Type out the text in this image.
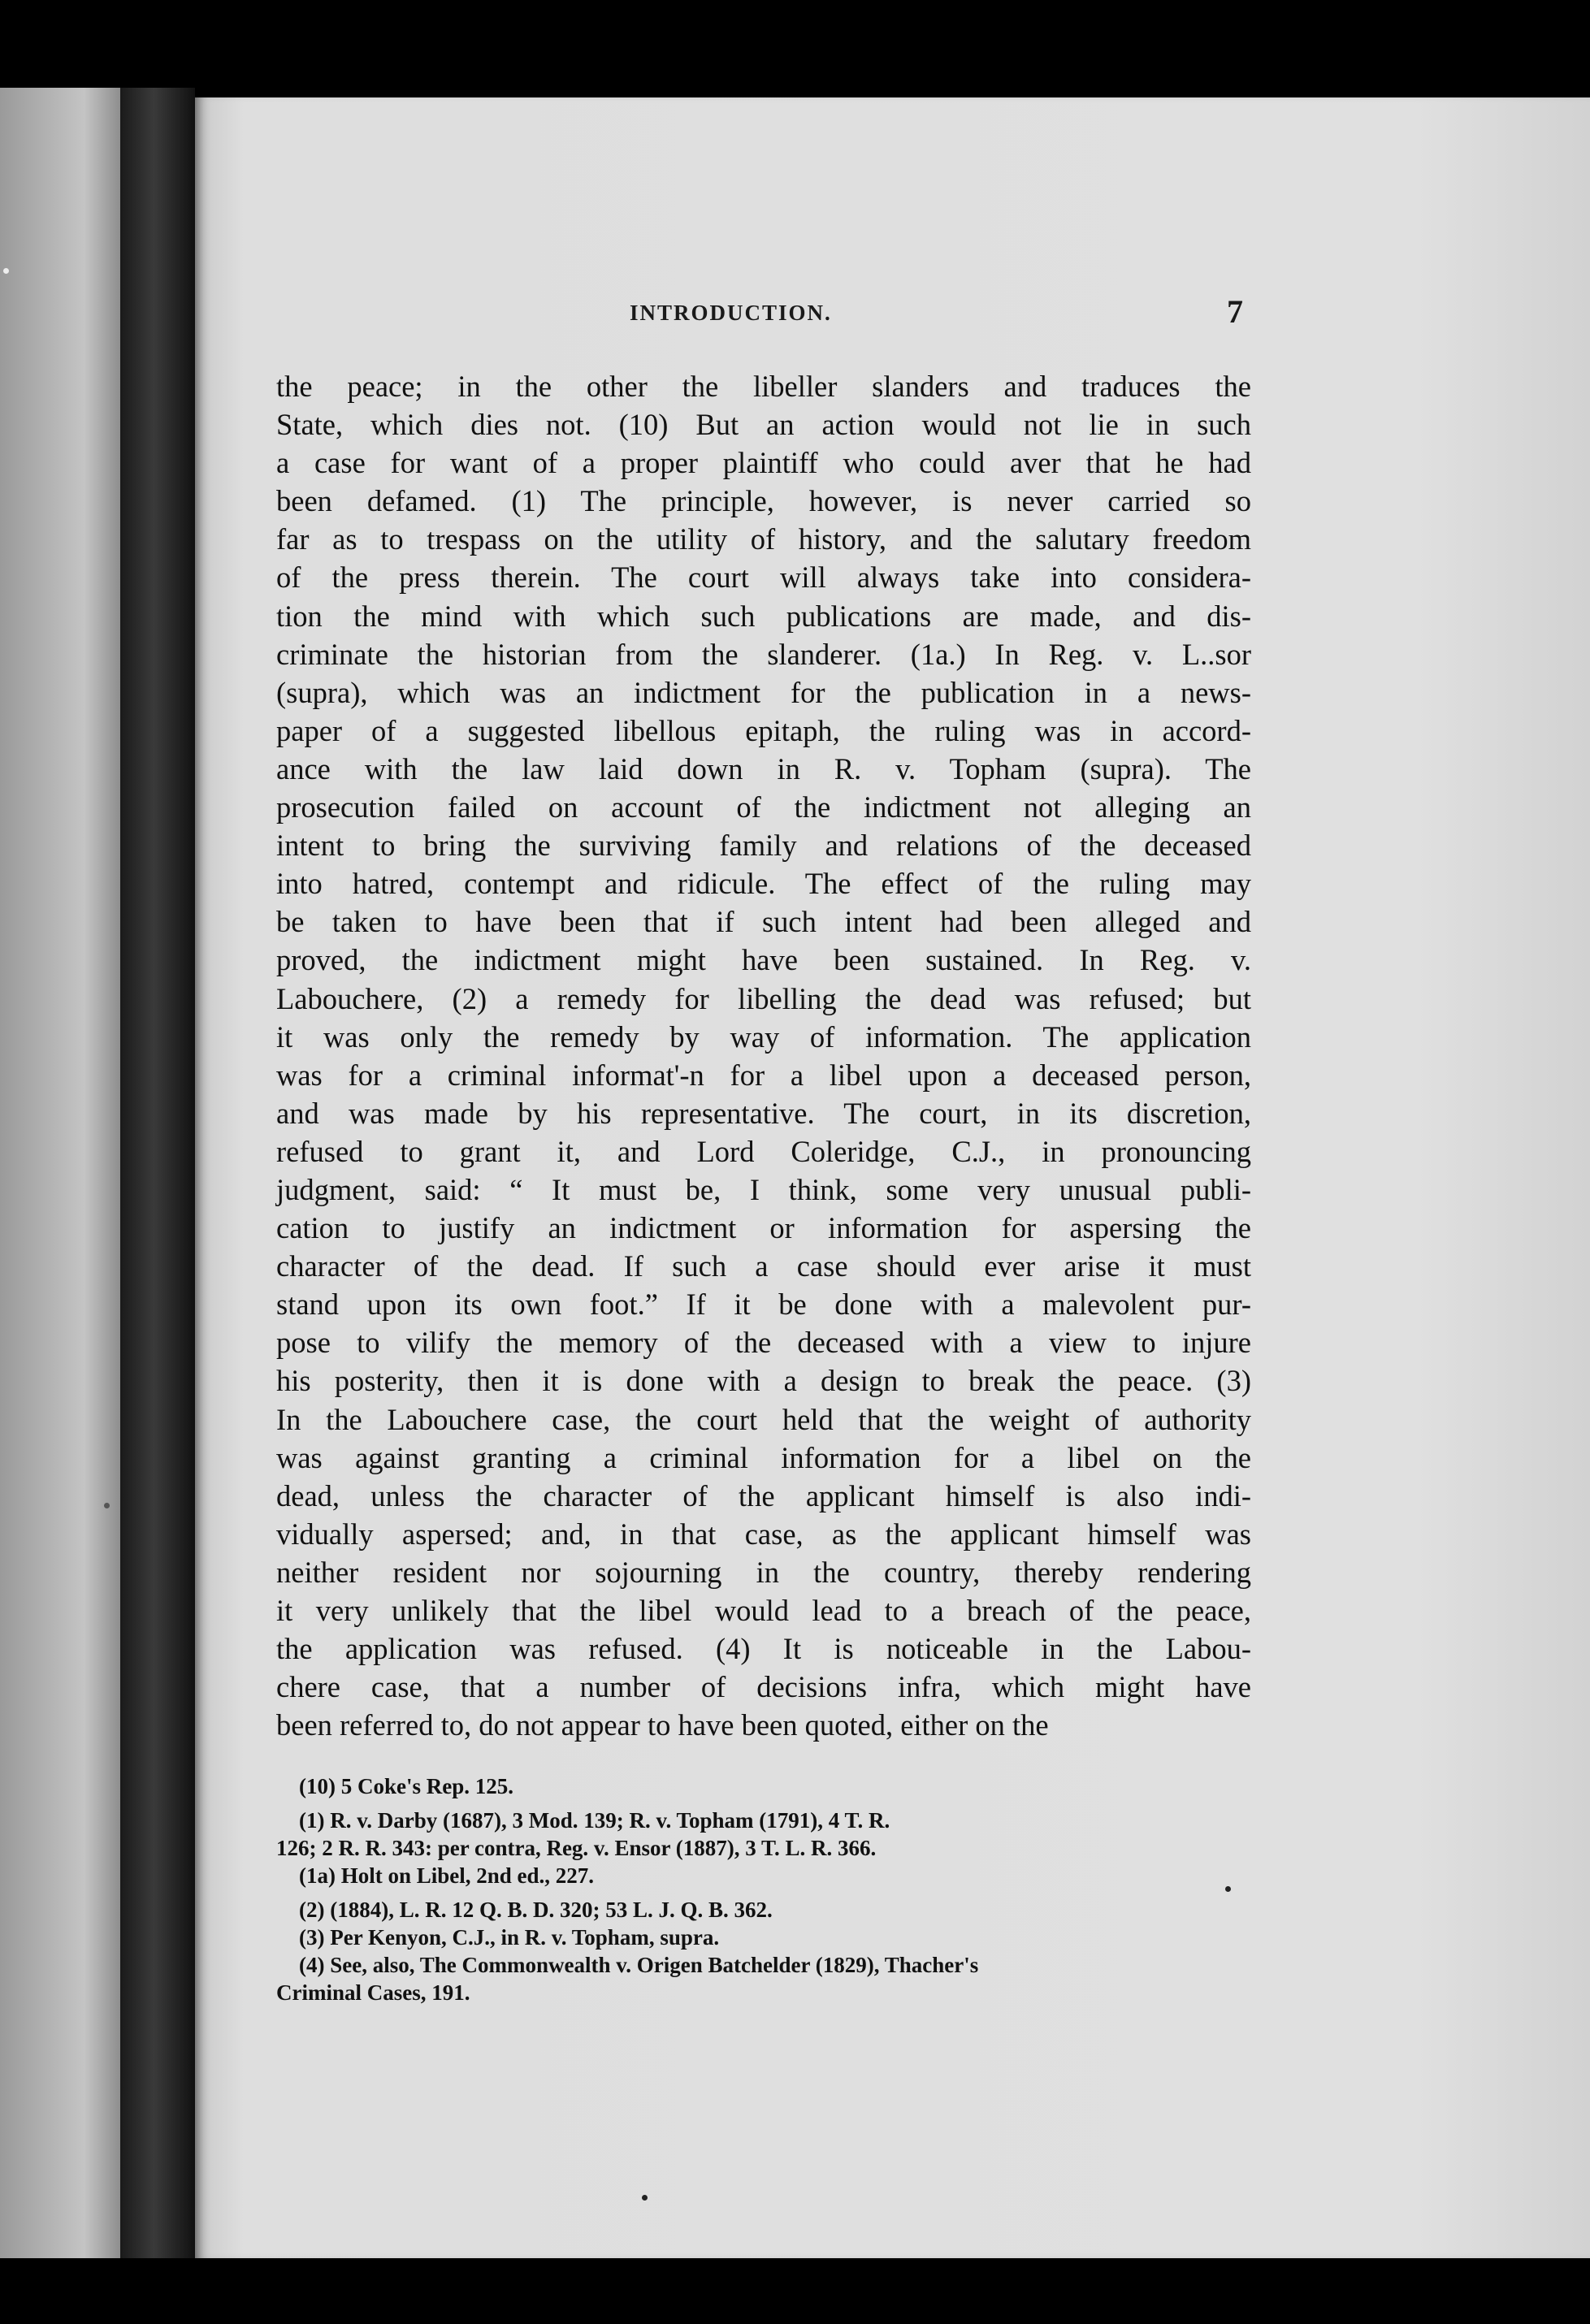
INTRODUCTION.	7
the peace; in the other the libeller slanders and traduces the
State, which dies not. (10) But an action would not lie in such
a case for want of a proper plaintiff who could aver that he had
been defamed. (1) The principle, however, is never carried so
far as to trespass on the utility of history, and the salutary freedom
of the press therein. The court will always take into considera-
tion the mind with which such publications are made, and dis-
criminate the historian from the slanderer. (1a.) In Reg. v. L..sor
(supra), which was an indictment for the publication in a news-
paper of a suggested libellous epitaph, the ruling was in accord-
ance with the law laid down in R. v. Topham (supra). The
prosecution failed on account of the indictment not alleging an
intent to bring the surviving family and relations of the deceased
into hatred, contempt and ridicule. The effect of the ruling may
be taken to have been that if such intent had been alleged and
proved, the indictment might have been sustained. In Reg. v.
Labouchere, (2) a remedy for libelling the dead was refused; but
it was only the remedy by way of information. The application
was for a criminal informat'-n for a libel upon a deceased person,
and was made by his representative. The court, in its discretion,
refused to grant it, and Lord Coleridge, C.J., in pronouncing
judgment, said: “ It must be, I think, some very unusual publi-
cation to justify an indictment or information for aspersing the
character of the dead. If such a case should ever arise it must
stand upon its own foot.” If it be done with a malevolent pur-
pose to vilify the memory of the deceased with a view to injure
his posterity, then it is done with a design to break the peace. (3)
In the Labouchere case, the court held that the weight of authority
was against granting a criminal information for a libel on the
dead, unless the character of the applicant himself is also indi-
vidually aspersed; and, in that case, as the applicant himself was
neither resident nor sojourning in the country, thereby rendering
it very unlikely that the libel would lead to a breach of the peace,
the application was refused. (4) It is noticeable in the Labou-
chere case, that a number of decisions infra, which might have
been referred to, do not appear to have been quoted, either on the
(10) 5 Coke's Rep. 125.
(1) R. v. Darby (1687), 3 Mod. 139; R. v. Topham (1791), 4 T. R.
126; 2 R. R. 343: per contra, Reg. v. Ensor (1887), 3 T. L. R. 366.
(1a) Holt on Libel, 2nd ed., 227.
(2) (1884), L. R. 12 Q. B. D. 320; 53 L. J. Q. B. 362.
(3) Per Kenyon, C.J., in R. v. Topham, supra.
(4) See, also, The Commonwealth v. Origen Batchelder (1829), Thacher's
Criminal Cases, 191.
